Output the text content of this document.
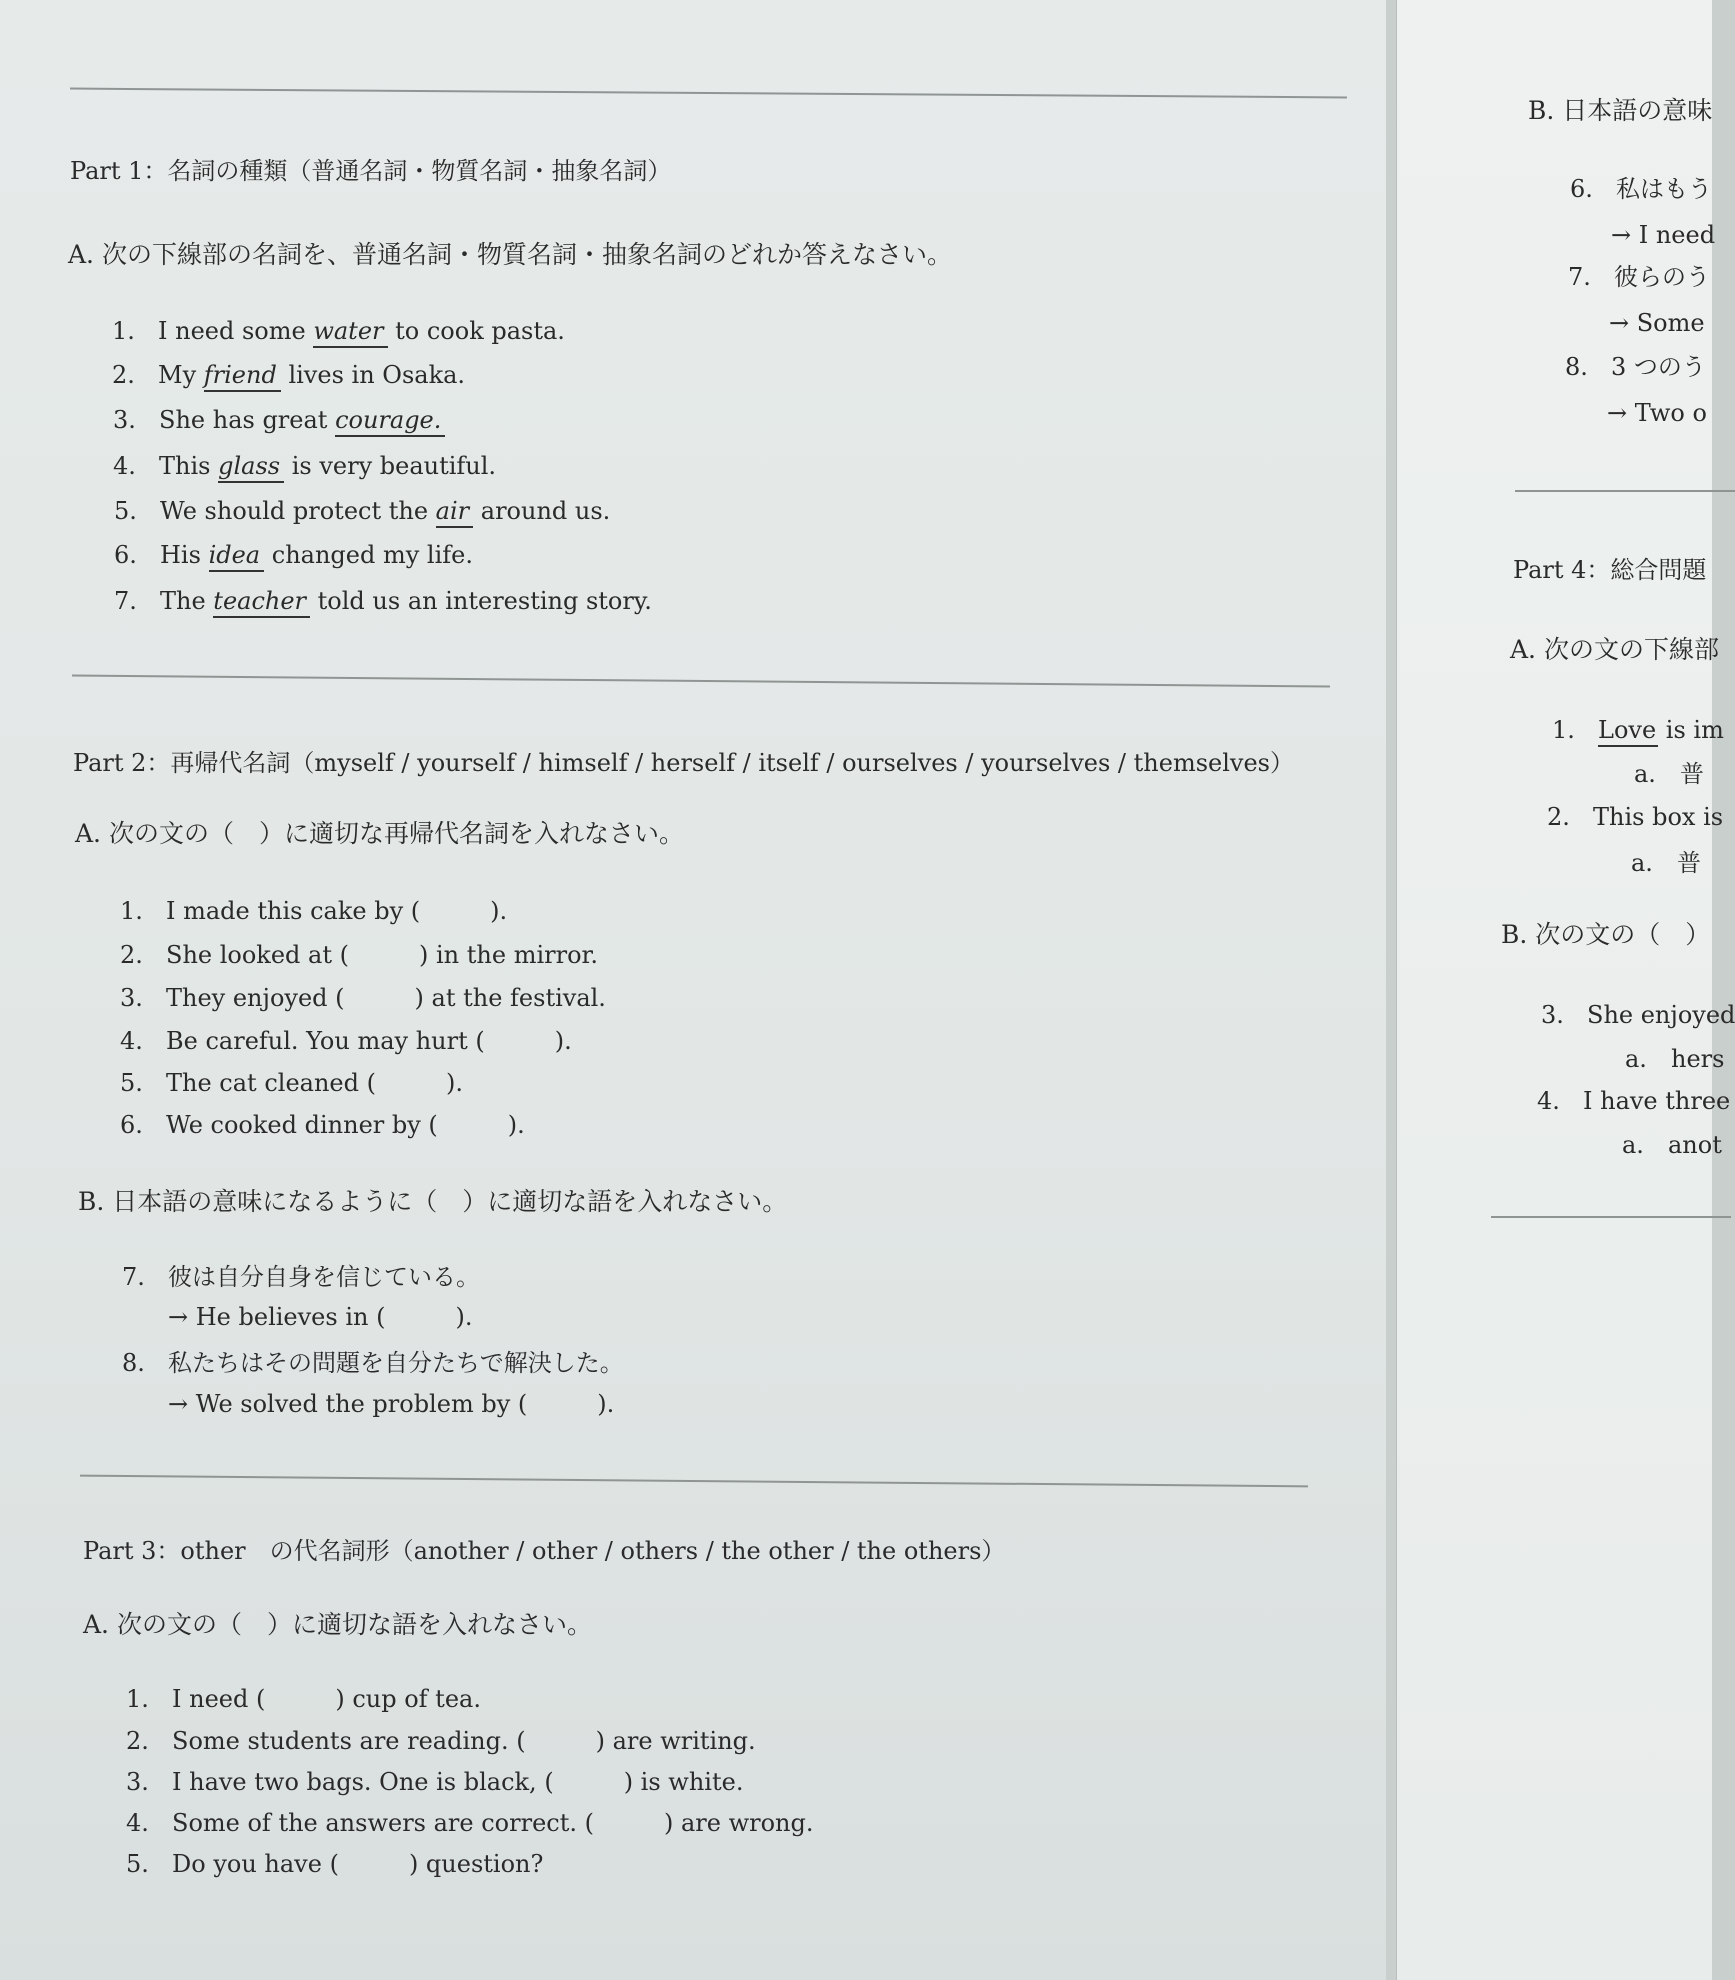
Part 1：名詞の種類（普通名詞・物質名詞・抽象名詞）
A. 次の下線部の名詞を、普通名詞・物質名詞・抽象名詞のどれか答えなさい。
1. I need some water to cook pasta.
2. My friend lives in Osaka.
3. She has great courage.
4. This glass is very beautiful.
5. We should protect the air around us.
6. His idea changed my life.
7. The teacher told us an interesting story.
Part 2：再帰代名詞（myself / yourself / himself / herself / itself / ourselves / yourselves / themselves）
A. 次の文の（　）に適切な再帰代名詞を入れなさい。
1. I made this cake by (	).
2. She looked at (	) in the mirror.
3. They enjoyed (	) at the festival.
4. Be careful. You may hurt (	).
5. The cat cleaned (	).
6. We cooked dinner by (	).
B. 日本語の意味になるように（　）に適切な語を入れなさい。
7. 彼は自分自身を信じている。
→ He believes in (	).
8. 私たちはその問題を自分たちで解決した。
→ We solved the problem by (	).
Part 3：other　の代名詞形（another / other / others / the other / the others）
A. 次の文の（　）に適切な語を入れなさい。
1. I need (	) cup of tea.
2. Some students are reading. (	) are writing.
3. I have two bags. One is black, (	) is white.
4. Some of the answers are correct. (	) are wrong.
5. Do you have (	) question?
B. 日本語の意味
6. 私はもう
→ I need
7. 彼らのう
→ Some
8. 3 つのう
→ Two o
Part 4：総合問題
A. 次の文の下線部
1. Love is im
a. 普
2. This box is
a. 普
B. 次の文の（　）
3. She enjoyed
a. hers
4. I have three
a. anot
